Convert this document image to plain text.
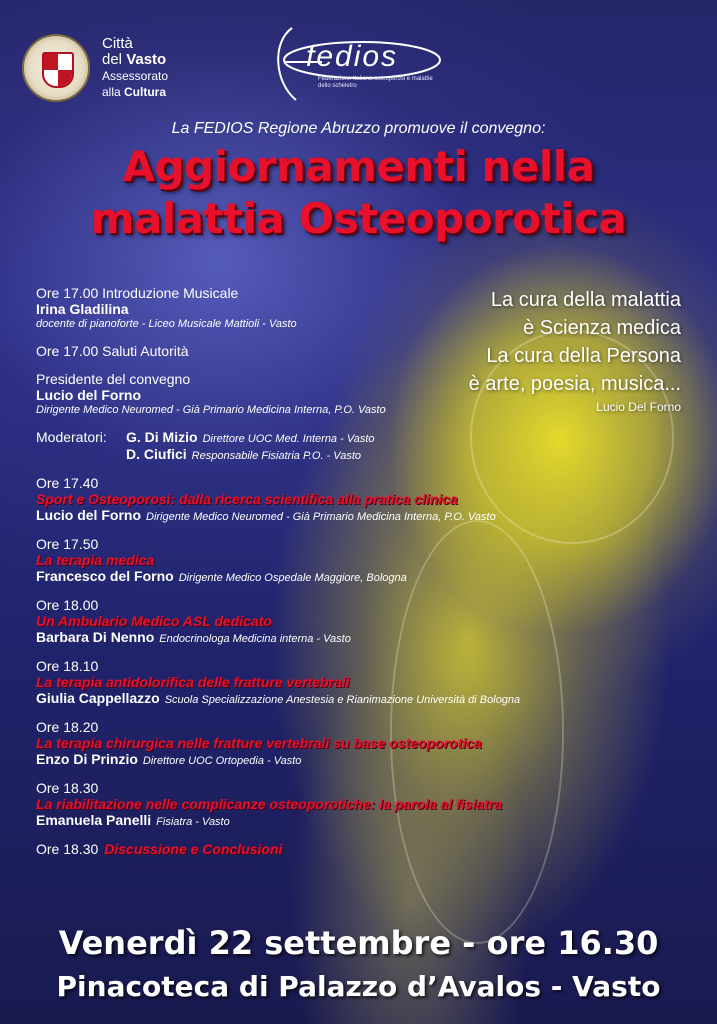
Città
del Vasto
Assessorato
alla Cultura
fedios
Federazione Italiana osteoporosi e malattie dello scheletro
La FEDIOS Regione Abruzzo promuove il convegno:
Aggiornamenti nella
malattia Osteoporotica
La cura della malattia
è Scienza medica
La cura della Persona
è arte, poesia, musica...
Lucio Del Forno
Ore 17.00 Introduzione Musicale
Irina Gladilina
docente di pianoforte - Liceo Musicale Mattioli - Vasto
Ore 17.00 Saluti Autorità
Presidente del convegno
Lucio del Forno
Dirigente Medico Neuromed - Già Primario Medicina Interna, P.O. Vasto
Moderatori:	G. Di Mizio Direttore UOC Med. Interna - Vasto
D. Ciufici Responsabile Fisiatria P.O. - Vasto
Ore 17.40
Sport e Osteoporosi: dalla ricerca scientifica alla pratica clinica
Lucio del Forno Dirigente Medico Neuromed - Già Primario Medicina Interna, P.O. Vasto
Ore 17.50
La terapia medica
Francesco del Forno Dirigente Medico Ospedale Maggiore, Bologna
Ore 18.00
Un Ambulario Medico ASL dedicato
Barbara Di Nenno Endocrinologa Medicina interna - Vasto
Ore 18.10
La terapia antidolorifica delle fratture vertebrali
Giulia Cappellazzo Scuola Specializzazione Anestesia e Rianimazione Università di Bologna
Ore 18.20
La terapia chirurgica nelle fratture vertebrali su base osteoporotica
Enzo Di Prinzio Direttore UOC Ortopedia - Vasto
Ore 18.30
La riabilitazione nelle complicanze osteoporotiche: la parola al fisiatra
Emanuela Panelli Fisiatra - Vasto
Ore 18.30 Discussione e Conclusioni
Venerdì 22 settembre - ore 16.30
Pinacoteca di Palazzo d’Avalos - Vasto
